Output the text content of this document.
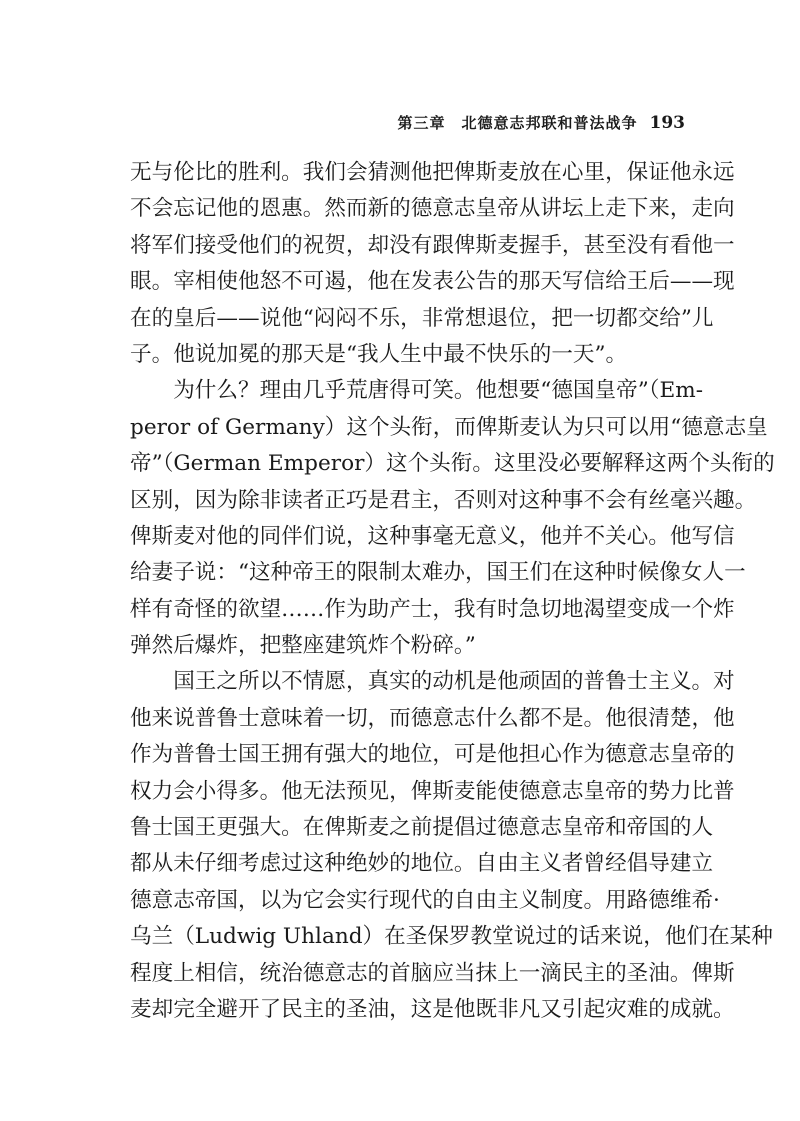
第三章　北德意志邦联和普法战争 193
无与伦比的胜利。我们会猜测他把俾斯麦放在心里，保证他永远
不会忘记他的恩惠。然而新的德意志皇帝从讲坛上走下来，走向
将军们接受他们的祝贺，却没有跟俾斯麦握手，甚至没有看他一
眼。宰相使他怒不可遏，他在发表公告的那天写信给王后——现
在的皇后——说他“闷闷不乐，非常想退位，把一切都交给”儿
子。他说加冕的那天是“我人生中最不快乐的一天”。
　　为什么？理由几乎荒唐得可笑。他想要“德国皇帝”（Em-
peror of Germany）这个头衔，而俾斯麦认为只可以用“德意志皇
帝”（German Emperor）这个头衔。这里没必要解释这两个头衔的
区别，因为除非读者正巧是君主，否则对这种事不会有丝毫兴趣。
俾斯麦对他的同伴们说，这种事毫无意义，他并不关心。他写信
给妻子说：“这种帝王的限制太难办，国王们在这种时候像女人一
样有奇怪的欲望……作为助产士，我有时急切地渴望变成一个炸
弹然后爆炸，把整座建筑炸个粉碎。”
　　国王之所以不情愿，真实的动机是他顽固的普鲁士主义。对
他来说普鲁士意味着一切，而德意志什么都不是。他很清楚，他
作为普鲁士国王拥有强大的地位，可是他担心作为德意志皇帝的
权力会小得多。他无法预见，俾斯麦能使德意志皇帝的势力比普
鲁士国王更强大。在俾斯麦之前提倡过德意志皇帝和帝国的人
都从未仔细考虑过这种绝妙的地位。自由主义者曾经倡导建立
德意志帝国，以为它会实行现代的自由主义制度。用路德维希·
乌兰（Ludwig Uhland）在圣保罗教堂说过的话来说，他们在某种
程度上相信，统治德意志的首脑应当抹上一滴民主的圣油。俾斯
麦却完全避开了民主的圣油，这是他既非凡又引起灾难的成就。
